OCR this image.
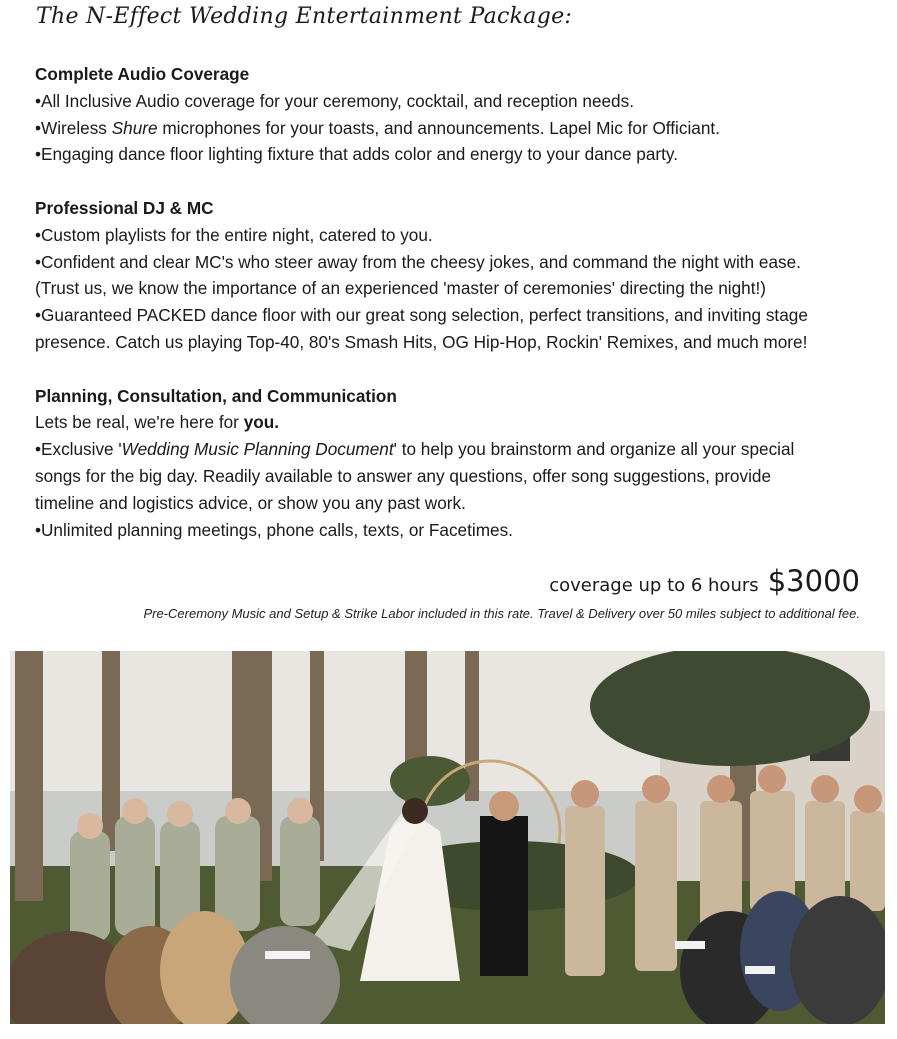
The N-Effect Wedding Entertainment Package:
Complete Audio Coverage
•All Inclusive Audio coverage for your ceremony, cocktail, and reception needs.
•Wireless Shure microphones for your toasts, and announcements. Lapel Mic for Officiant.
•Engaging dance floor lighting fixture that adds color and energy to your dance party.
Professional DJ & MC
•Custom playlists for the entire night, catered to you.
•Confident and clear MC's who steer away from the cheesy jokes, and command the night with ease.
(Trust us, we know the importance of an experienced 'master of ceremonies' directing the night!)
•Guaranteed PACKED dance floor with our great song selection, perfect transitions, and inviting stage
presence. Catch us playing Top-40, 80's Smash Hits, OG Hip-Hop, Rockin' Remixes, and much more!
Planning, Consultation, and Communication
Lets be real, we're here for you.
•Exclusive 'Wedding Music Planning Document' to help you brainstorm and organize all your special
songs for the big day. Readily available to answer any questions, offer song suggestions, provide
timeline and logistics advice, or show you any past work.
•Unlimited planning meetings, phone calls, texts, or Facetimes.
coverage up to 6 hours $3000
Pre-Ceremony Music and Setup & Strike Labor included in this rate. Travel & Delivery over 50 miles subject to additional fee.
